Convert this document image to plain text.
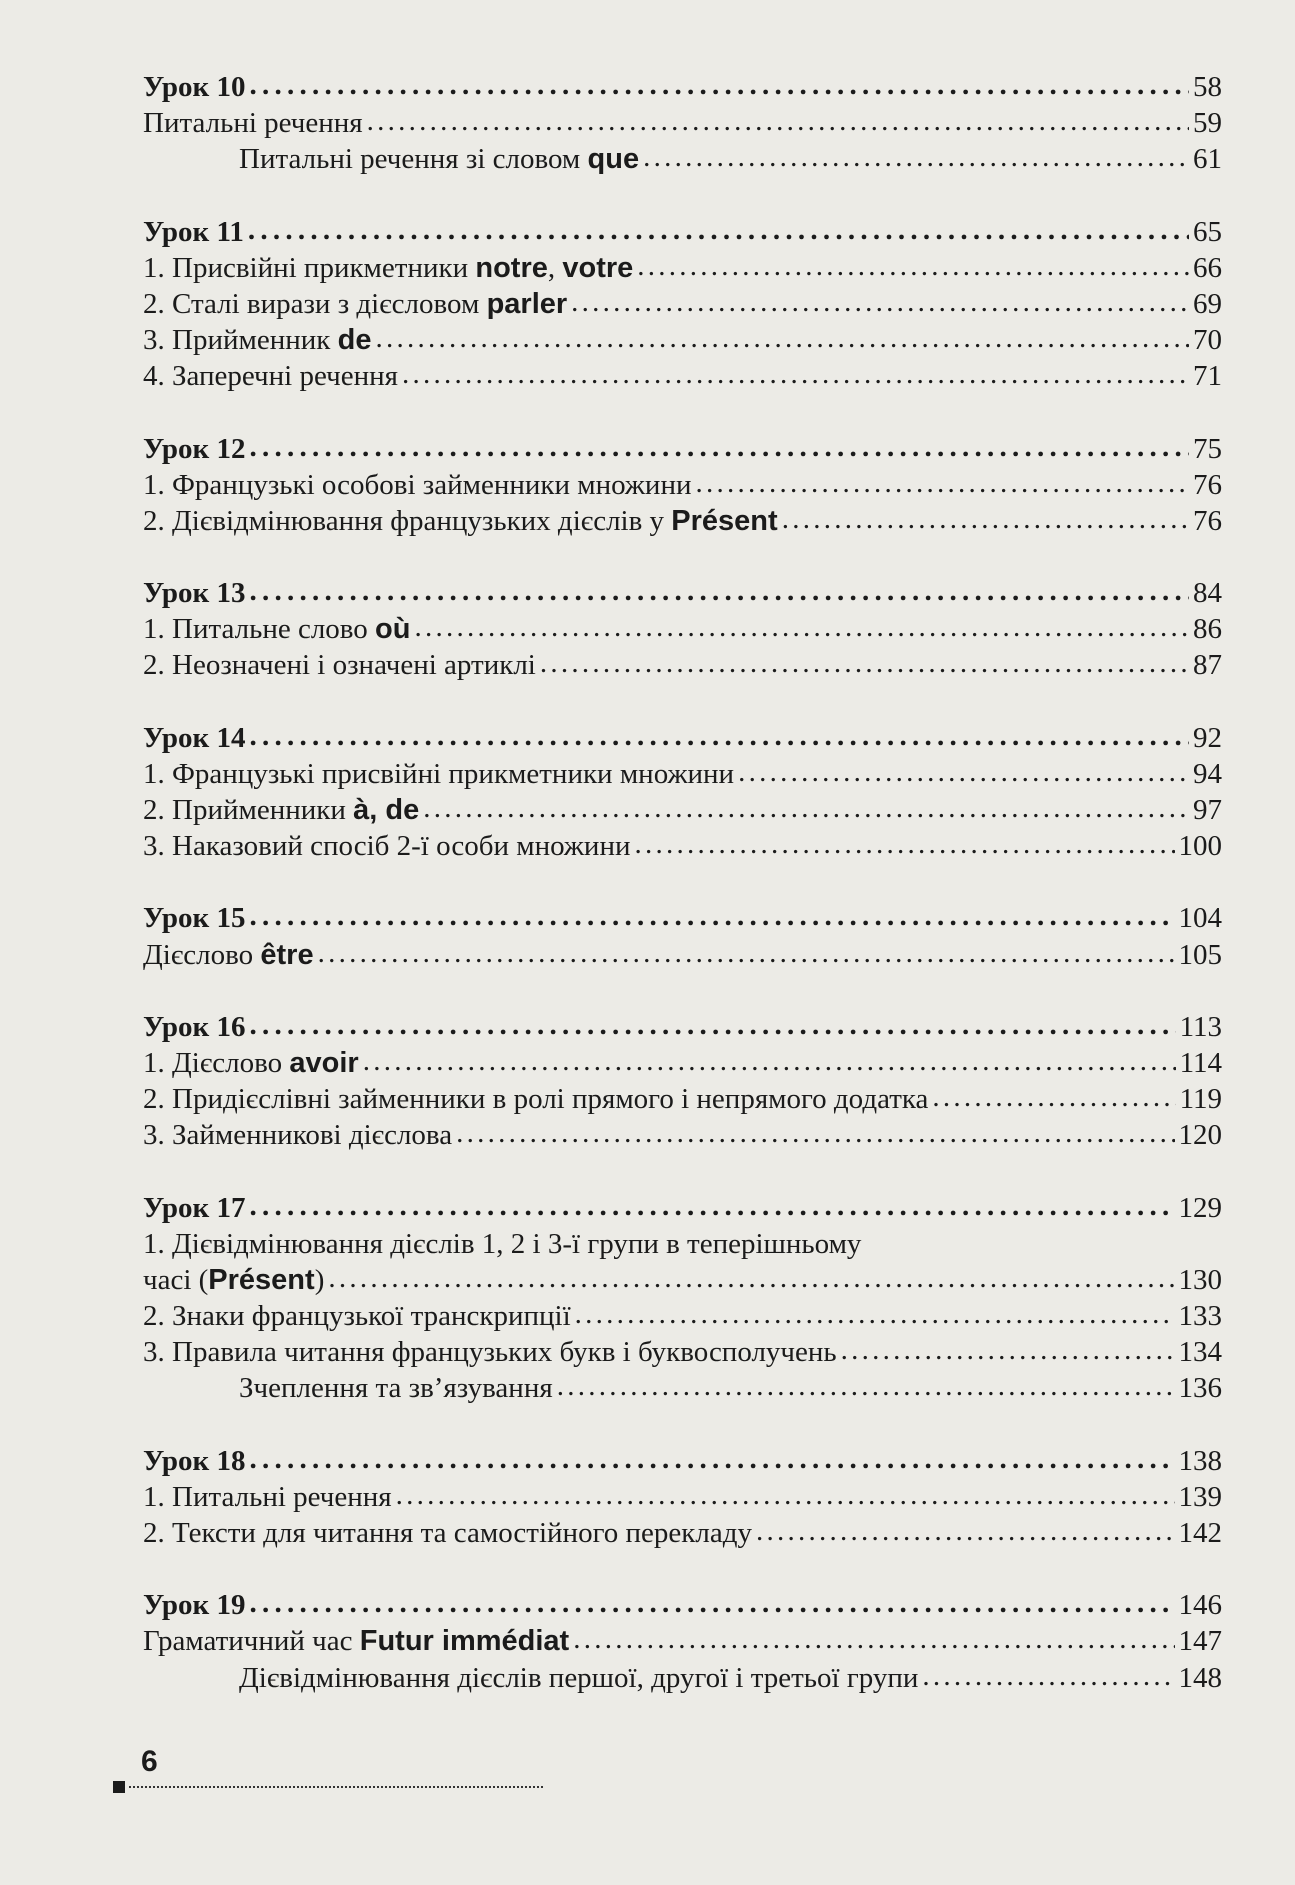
Урок 10 . . .	58
Питальні речення . . .	59
Питальні речення зі словом que . . .	61
Урок 11 . . .	65
1. Присвійні прикметники notre, votre . . .	66
2. Сталі вирази з дієсловом parler . . .	69
3. Прийменник de . . .	70
4. Заперечні речення . . .	71
Урок 12 . . .	75
1. Французькі особові займенники множини . . .	76
2. Дієвідмінювання французьких дієслів у Présent . . .	76
Урок 13 . . .	84
1. Питальне слово où . . .	86
2. Неозначені і означені артиклі . . .	87
Урок 14 . . .	92
1. Французькі присвійні прикметники множини . . .	94
2. Прийменники à, de . . .	97
3. Наказовий спосіб 2-ї особи множини . . .	100
Урок 15 . . .	104
Дієслово être . . .	105
Урок 16 . . .	113
1. Дієслово avoir . . .	114
2. Придієслівні займенники в ролі прямого і непрямого додатка . . .	119
3. Займенникові дієслова . . .	120
Урок 17 . . .	129
1. Дієвідмінювання дієслів 1, 2 і 3-ї групи в теперішньому
часі (Présent) . . .	130
2. Знаки французької транскрипції . . .	133
3. Правила читання французьких букв і буквосполучень . . .	134
Зчеплення та зв’язування . . .	136
Урок 18 . . .	138
1. Питальні речення . . .	139
2. Тексти для читання та самостійного перекладу . . .	142
Урок 19 . . .	146
Граматичний час Futur immédiat . . .	147
Дієвідмінювання дієслів першої, другої і третьої групи . . .	148
6
